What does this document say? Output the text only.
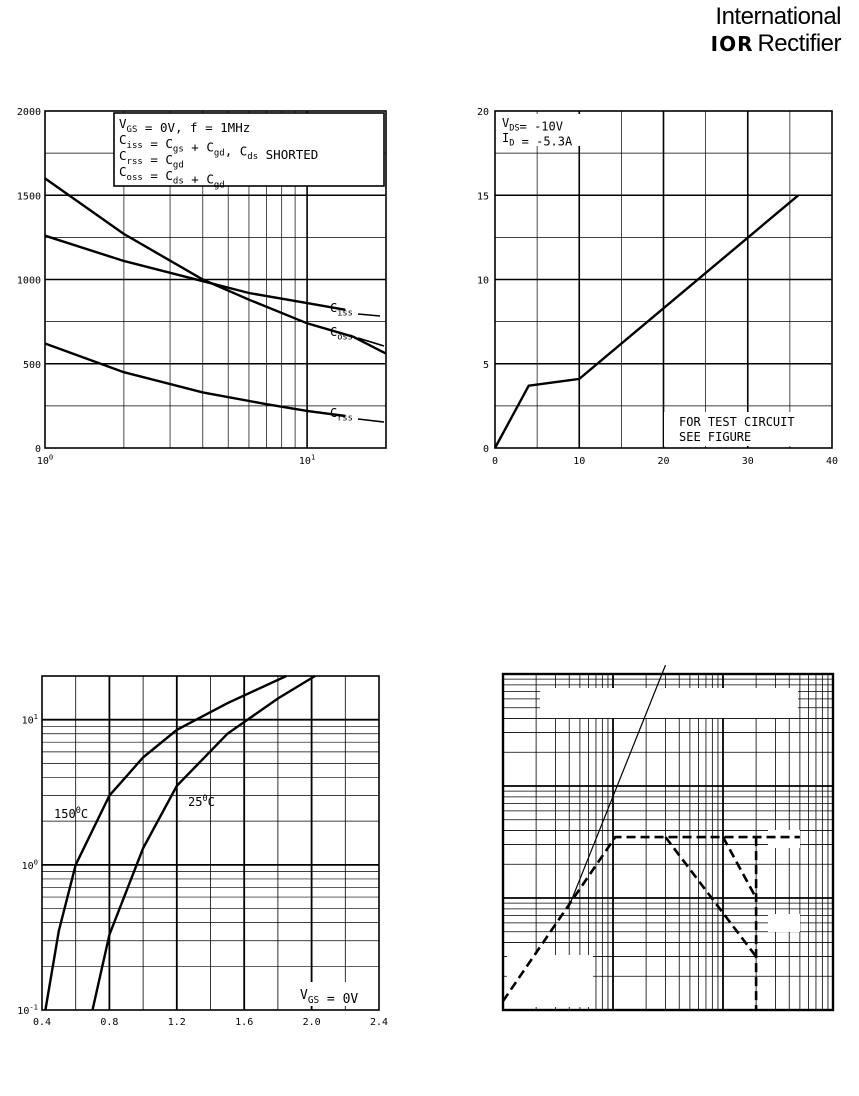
International
IOR Rectifier
0
500
1000
1500
2000
$10^0$	$10^1$
$V_{GS} = 0V$, f = 1MHz
$C_{iss} = C_{gs} + C_{gd}$, $C_{ds}$ SHORTED
$C_{rss} = C_{gd}$
$C_{oss} = C_{ds} + C_{gd}$
$C_{iss}$
$C_{oss}$
$C_{rss}$
0
5
10
15
20
0	10	20	30	40
$V_{DS}= -10V$
$I_D = -5.3A$
FOR TEST CIRCUIT
SEE FIGURE
0.4	0.8	1.2	1.6	2.0	2.4
$10^{-1}$
$10^0$
$10^1$
$V_{GS} = 0V$
$150^0C$
$25^0C$
